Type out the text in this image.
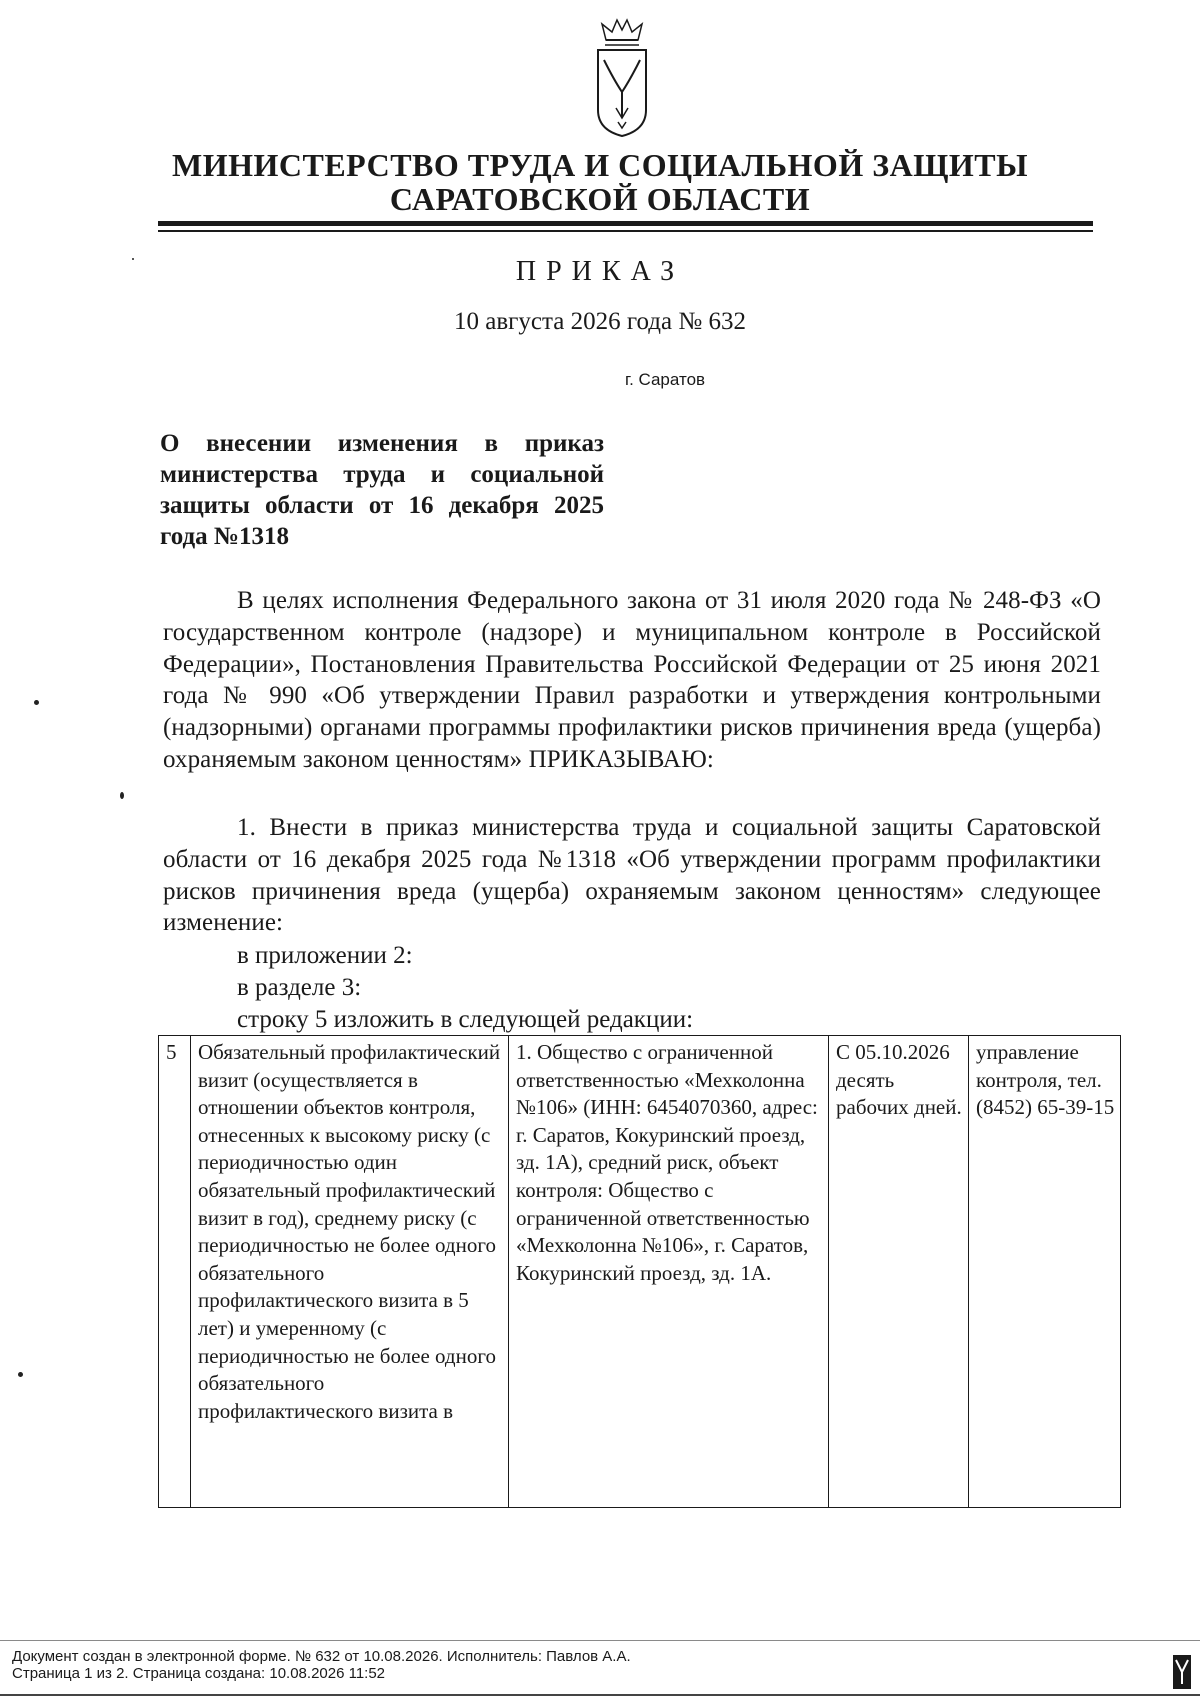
МИНИСТЕРСТВО ТРУДА И СОЦИАЛЬНОЙ ЗАЩИТЫ
САРАТОВСКОЙ ОБЛАСТИ
ПРИКАЗ
10 августа 2026 года № 632
г. Саратов
О внесении изменения в приказ министерства труда и социальной защиты области от 16 декабря 2025 года №1318
В целях исполнения Федерального закона от 31 июля 2020 года № 248-ФЗ «О государственном контроле (надзоре) и муниципальном контроле в Российской Федерации», Постановления Правительства Российской Федерации от 25 июня 2021 года № 990 «Об утверждении Правил разработки и утверждения контрольными (надзорными) органами программы профилактики рисков причинения вреда (ущерба) охраняемым законом ценностям» ПРИКАЗЫВАЮ:
1. Внести в приказ министерства труда и социальной защиты Саратовской области от 16 декабря 2025 года №1318 «Об утверждении программ профилактики рисков причинения вреда (ущерба) охраняемым законом ценностям» следующее изменение:
в приложении 2:
в разделе 3:
строку 5 изложить в следующей редакции:
5	Обязательный профилактический визит (осуществляется в отношении объектов контроля, отнесенных к высокому риску (с периодичностью один обязательный профилактический визит в год), среднему риску (с периодичностью не более одного обязательного профилактического визита в 5 лет) и умеренному (с периодичностью не более одного обязательного профилактического визита в	1. Общество с ограниченной ответственностью «Мехколонна №106» (ИНН: 6454070360, адрес: г. Саратов, Кокуринский проезд, зд. 1А), средний риск, объект контроля: Общество с ограниченной ответственностью «Мехколонна №106», г. Саратов, Кокуринский проезд, зд. 1А.	С 05.10.2026 десять рабочих дней.	управление контроля, тел. (8452) 65-39-15
Документ создан в электронной форме. № 632 от 10.08.2026. Исполнитель: Павлов А.А.
Страница 1 из 2. Страница создана: 10.08.2026 11:52
